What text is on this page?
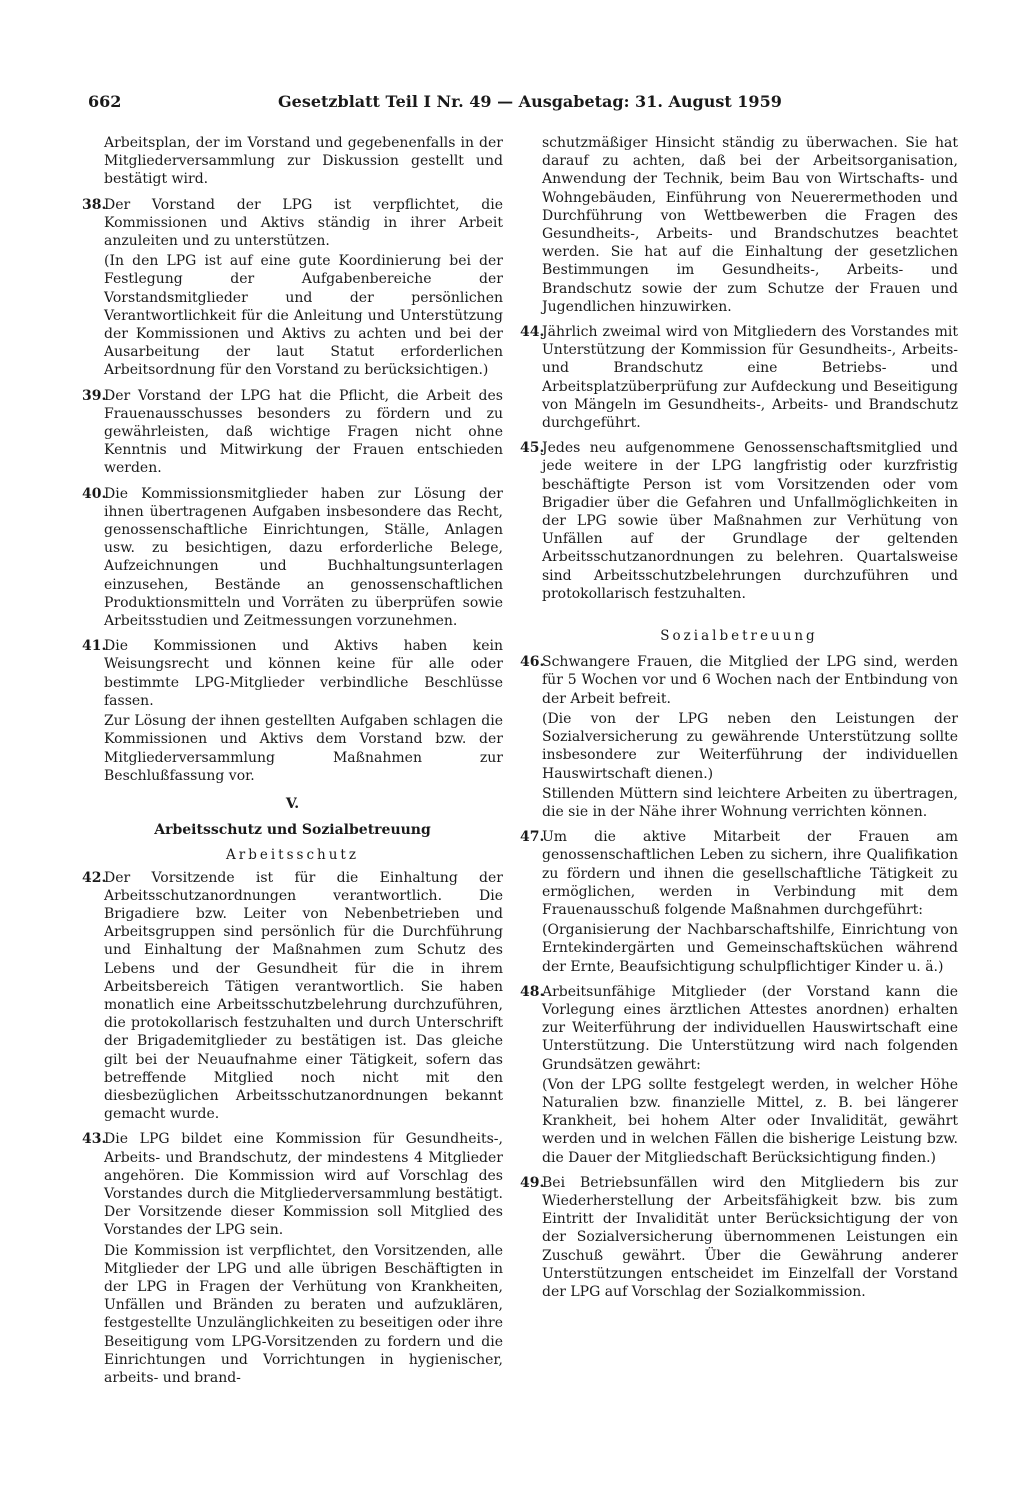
662	Gesetzblatt Teil I Nr. 49 — Ausgabetag: 31. August 1959
Arbeitsplan, der im Vorstand und gegebenenfalls in der Mitgliederversammlung zur Diskussion gestellt und bestätigt wird.
38.
Der Vorstand der LPG ist verpflichtet, die Kommissionen und Aktivs ständig in ihrer Arbeit anzuleiten und zu unterstützen.
(In den LPG ist auf eine gute Koordinierung bei der Festlegung der Aufgabenbereiche der Vorstandsmitglieder und der persönlichen Verantwortlichkeit für die Anleitung und Unterstützung der Kommissionen und Aktivs zu achten und bei der Ausarbeitung der laut Statut erforderlichen Arbeitsordnung für den Vorstand zu berücksichtigen.)
39.
Der Vorstand der LPG hat die Pflicht, die Arbeit des Frauenausschusses besonders zu fördern und zu gewährleisten, daß wichtige Fragen nicht ohne Kenntnis und Mitwirkung der Frauen entschieden werden.
40.
Die Kommissionsmitglieder haben zur Lösung der ihnen übertragenen Aufgaben insbesondere das Recht, genossenschaftliche Einrichtungen, Ställe, Anlagen usw. zu besichtigen, dazu erforderliche Belege, Aufzeichnungen und Buchhaltungsunterlagen einzusehen, Bestände an genossenschaftlichen Produktionsmitteln und Vorräten zu überprüfen sowie Arbeitsstudien und Zeitmessungen vorzunehmen.
41.
Die Kommissionen und Aktivs haben kein Weisungsrecht und können keine für alle oder bestimmte LPG-Mitglieder verbindliche Beschlüsse fassen.
Zur Lösung der ihnen gestellten Aufgaben schlagen die Kommissionen und Aktivs dem Vorstand bzw. der Mitgliederversammlung Maßnahmen zur Beschlußfassung vor.
V.
Arbeitsschutz und Sozialbetreuung
Arbeitsschutz
42.
Der Vorsitzende ist für die Einhaltung der Arbeitsschutzanordnungen verantwortlich. Die Brigadiere bzw. Leiter von Nebenbetrieben und Arbeitsgruppen sind persönlich für die Durchführung und Einhaltung der Maßnahmen zum Schutz des Lebens und der Gesundheit für die in ihrem Arbeitsbereich Tätigen verantwortlich. Sie haben monatlich eine Arbeitsschutzbelehrung durchzuführen, die protokollarisch festzuhalten und durch Unterschrift der Brigademitglieder zu bestätigen ist. Das gleiche gilt bei der Neuaufnahme einer Tätigkeit, sofern das betreffende Mitglied noch nicht mit den diesbezüglichen Arbeitsschutzanordnungen bekannt gemacht wurde.
43.
Die LPG bildet eine Kommission für Gesundheits-, Arbeits- und Brandschutz, der mindestens 4 Mitglieder angehören. Die Kommission wird auf Vorschlag des Vorstandes durch die Mitgliederversammlung bestätigt. Der Vorsitzende dieser Kommission soll Mitglied des Vorstandes der LPG sein.
Die Kommission ist verpflichtet, den Vorsitzenden, alle Mitglieder der LPG und alle übrigen Beschäftigten in der LPG in Fragen der Verhütung von Krankheiten, Unfällen und Bränden zu beraten und aufzuklären, festgestellte Unzulänglichkeiten zu beseitigen oder ihre Beseitigung vom LPG-Vorsitzenden zu fordern und die Einrichtungen und Vorrichtungen in hygienischer, arbeits- und brand-
schutzmäßiger Hinsicht ständig zu überwachen. Sie hat darauf zu achten, daß bei der Arbeitsorganisation, Anwendung der Technik, beim Bau von Wirtschafts- und Wohngebäuden, Einführung von Neuerermethoden und Durchführung von Wettbewerben die Fragen des Gesundheits-, Arbeits- und Brandschutzes beachtet werden. Sie hat auf die Einhaltung der gesetzlichen Bestimmungen im Gesundheits-, Arbeits- und Brandschutz sowie der zum Schutze der Frauen und Jugendlichen hinzuwirken.
44.
Jährlich zweimal wird von Mitgliedern des Vorstandes mit Unterstützung der Kommission für Gesundheits-, Arbeits- und Brandschutz eine Betriebs- und Arbeitsplatzüberprüfung zur Aufdeckung und Beseitigung von Mängeln im Gesundheits-, Arbeits- und Brandschutz durchgeführt.
45.
Jedes neu aufgenommene Genossenschaftsmitglied und jede weitere in der LPG langfristig oder kurzfristig beschäftigte Person ist vom Vorsitzenden oder vom Brigadier über die Gefahren und Unfallmöglichkeiten in der LPG sowie über Maßnahmen zur Verhütung von Unfällen auf der Grundlage der geltenden Arbeitsschutzanordnungen zu belehren. Quartalsweise sind Arbeitsschutzbelehrungen durchzuführen und protokollarisch festzuhalten.
Sozialbetreuung
46.
Schwangere Frauen, die Mitglied der LPG sind, werden für 5 Wochen vor und 6 Wochen nach der Entbindung von der Arbeit befreit.
(Die von der LPG neben den Leistungen der Sozialversicherung zu gewährende Unterstützung sollte insbesondere zur Weiterführung der individuellen Hauswirtschaft dienen.)
Stillenden Müttern sind leichtere Arbeiten zu übertragen, die sie in der Nähe ihrer Wohnung verrichten können.
47.
Um die aktive Mitarbeit der Frauen am genossenschaftlichen Leben zu sichern, ihre Qualifikation zu fördern und ihnen die gesellschaftliche Tätigkeit zu ermöglichen, werden in Verbindung mit dem Frauenausschuß folgende Maßnahmen durchgeführt:
(Organisierung der Nachbarschaftshilfe, Einrichtung von Erntekindergärten und Gemeinschaftsküchen während der Ernte, Beaufsichtigung schulpflichtiger Kinder u. ä.)
48.
Arbeitsunfähige Mitglieder (der Vorstand kann die Vorlegung eines ärztlichen Attestes anordnen) erhalten zur Weiterführung der individuellen Hauswirtschaft eine Unterstützung. Die Unterstützung wird nach folgenden Grundsätzen gewährt:
(Von der LPG sollte festgelegt werden, in welcher Höhe Naturalien bzw. finanzielle Mittel, z. B. bei längerer Krankheit, bei hohem Alter oder Invalidität, gewährt werden und in welchen Fällen die bisherige Leistung bzw. die Dauer der Mitgliedschaft Berücksichtigung finden.)
49.
Bei Betriebsunfällen wird den Mitgliedern bis zur Wiederherstellung der Arbeitsfähigkeit bzw. bis zum Eintritt der Invalidität unter Berücksichtigung der von der Sozialversicherung übernommenen Leistungen ein Zuschuß gewährt. Über die Gewährung anderer Unterstützungen entscheidet im Einzelfall der Vorstand der LPG auf Vorschlag der Sozialkommission.
